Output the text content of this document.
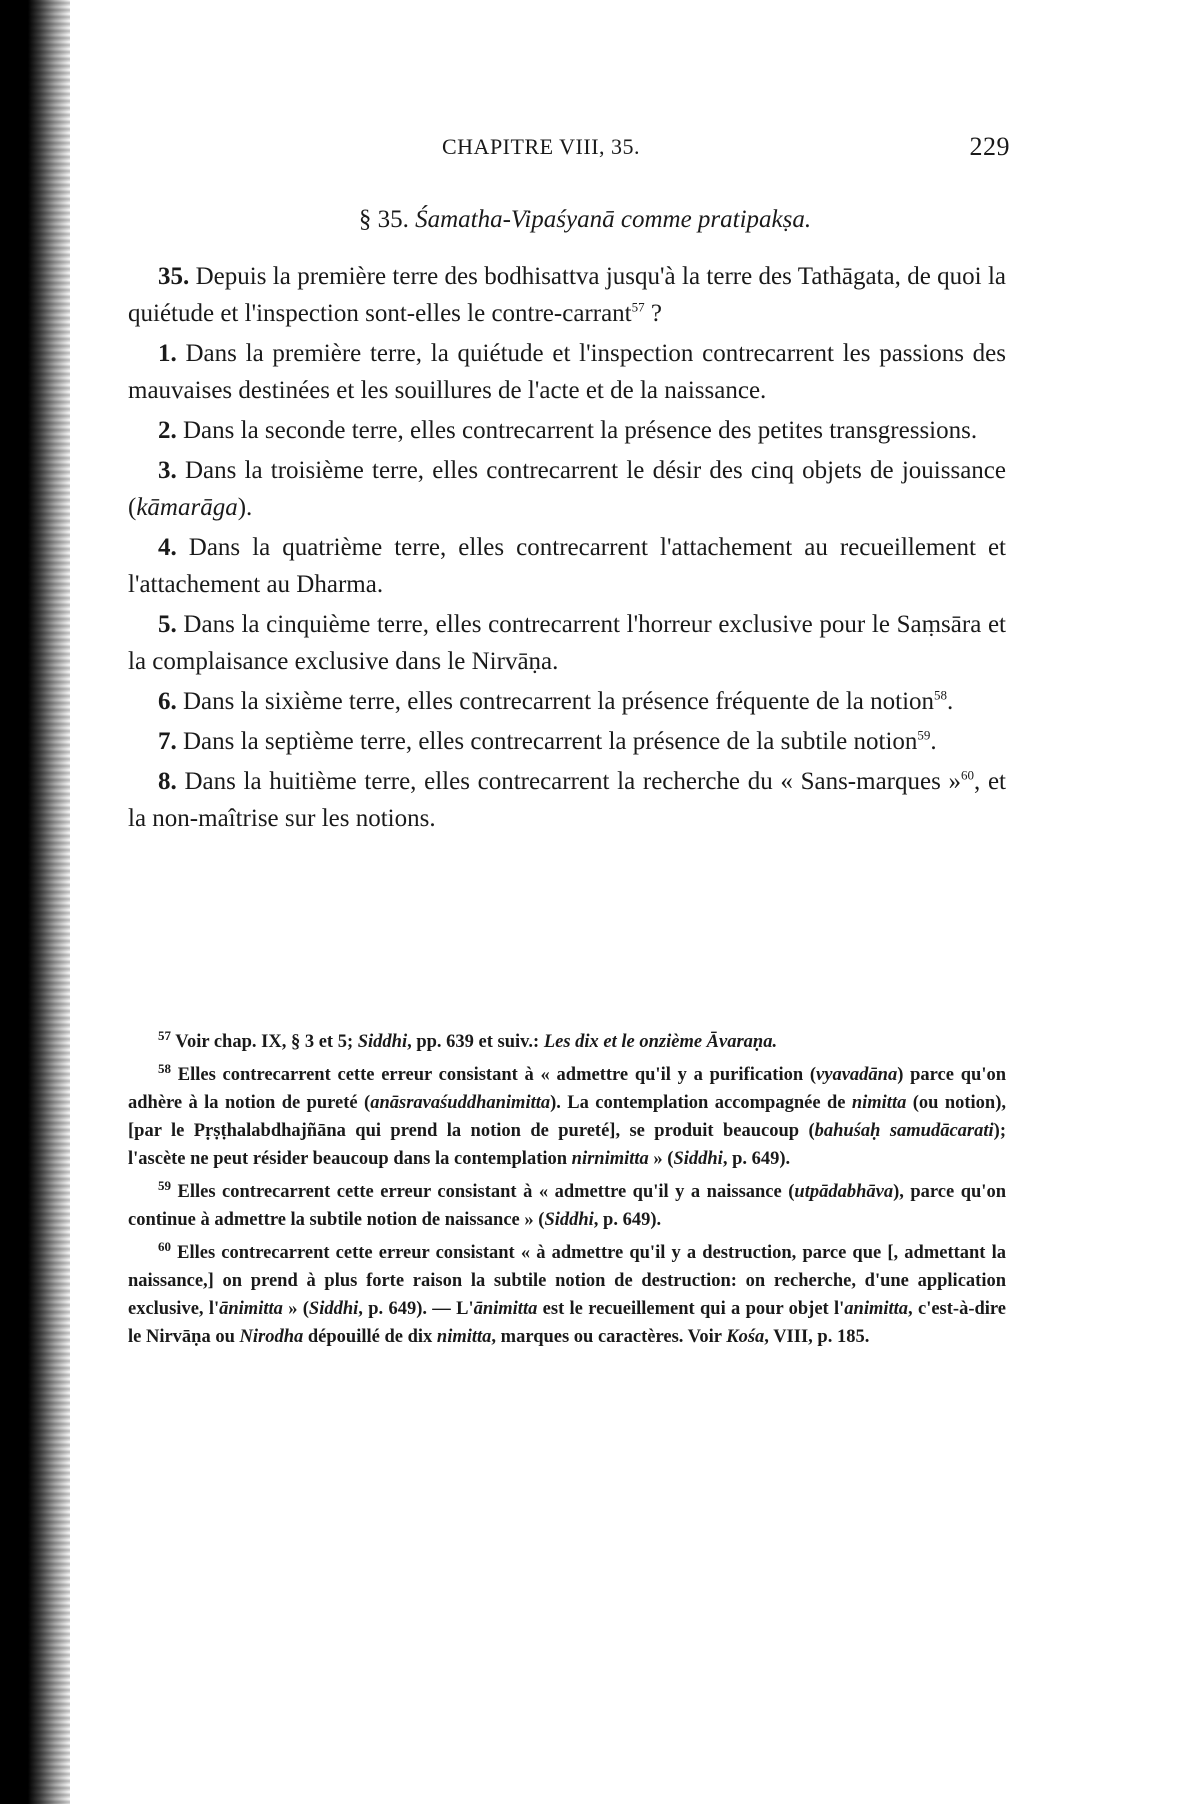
CHAPITRE VIII, 35.	229
§ 35. Śamatha-Vipaśyanā comme pratipakṣa.

35. Depuis la première terre des bodhisattva jusqu'à la terre des Tathāgata, de quoi la quiétude et l'inspection sont-elles le contre-carrant$^{57}$ ?

1. Dans la première terre, la quiétude et l'inspection contrecarrent les passions des mauvaises destinées et les souillures de l'acte et de la naissance.

2. Dans la seconde terre, elles contrecarrent la présence des petites transgressions.

3. Dans la troisième terre, elles contrecarrent le désir des cinq objets de jouissance (kāmarāga).

4. Dans la quatrième terre, elles contrecarrent l'attachement au recueillement et l'attachement au Dharma.

5. Dans la cinquième terre, elles contrecarrent l'horreur exclusive pour le Saṃsāra et la complaisance exclusive dans le Nirvāṇa.

6. Dans la sixième terre, elles contrecarrent la présence fréquente de la notion$^{58}$.

7. Dans la septième terre, elles contrecarrent la présence de la subtile notion$^{59}$.

8. Dans la huitième terre, elles contrecarrent la recherche du « Sans-marques »$^{60}$, et la non-maîtrise sur les notions.

$^{57}$ Voir chap. IX, § 3 et 5; Siddhi, pp. 639 et suiv.: Les dix et le onzième Āvaraṇa.

$^{58}$ Elles contrecarrent cette erreur consistant à « admettre qu'il y a purification (vyavadāna) parce qu'on adhère à la notion de pureté (anāsravaśuddhanimitta). La contemplation accompagnée de nimitta (ou notion), [par le Pṛṣṭhalabdhajñāna qui prend la notion de pureté], se produit beaucoup (bahuśaḥ samudācarati); l'ascète ne peut résider beaucoup dans la contemplation nirnimitta » (Siddhi, p. 649).

$^{59}$ Elles contrecarrent cette erreur consistant à « admettre qu'il y a naissance (utpādabhāva), parce qu'on continue à admettre la subtile notion de naissance » (Siddhi, p. 649).

$^{60}$ Elles contrecarrent cette erreur consistant « à admettre qu'il y a destruction, parce que [, admettant la naissance,] on prend à plus forte raison la subtile notion de destruction: on recherche, d'une application exclusive, l'ānimitta » (Siddhi, p. 649). — L'ānimitta est le recueillement qui a pour objet l'animitta, c'est-à-dire le Nirvāṇa ou Nirodha dépouillé de dix nimitta, marques ou caractères. Voir Kośa, VIII, p. 185.
